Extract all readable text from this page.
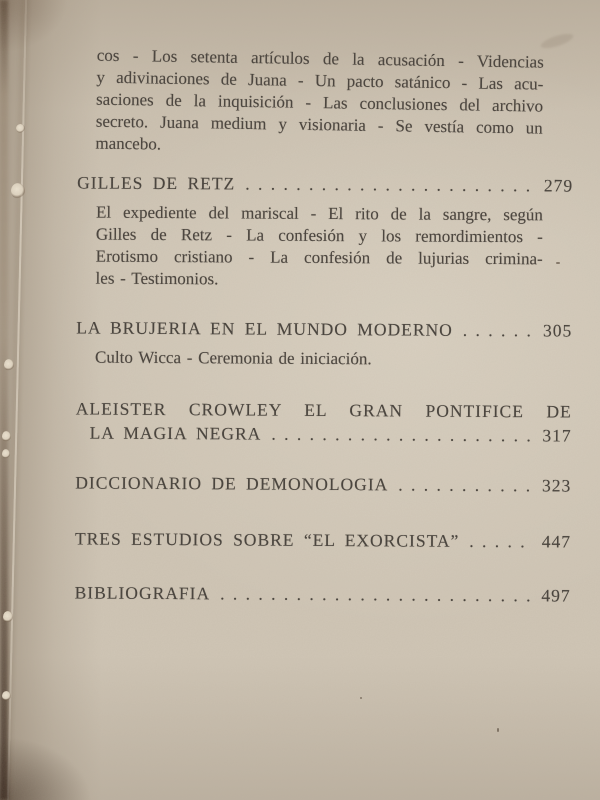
cos - Los setenta artículos de la acusación - Videncias
y adivinaciones de Juana - Un pacto satánico - Las acu-
saciones de la inquisición - Las conclusiones del archivo
secreto. Juana medium y visionaria - Se vestía como un
mancebo.
GILLES DE RETZ . . .	279
El expediente del mariscal - El rito de la sangre, según
Gilles de Retz - La confesión y los remordimientos -
Erotismo cristiano - La confesión de lujurias crimina-
les - Testimonios.
LA BRUJERIA EN EL MUNDO MODERNO . . .	305
Culto Wicca - Ceremonia de iniciación.
ALEISTER CROWLEY EL GRAN PONTIFICE DE
LA MAGIA NEGRA . . .	317
DICCIONARIO DE DEMONOLOGIA . . .	323
TRES ESTUDIOS SOBRE “EL EXORCISTA” . . .	447
BIBLIOGRAFIA . . .	497
